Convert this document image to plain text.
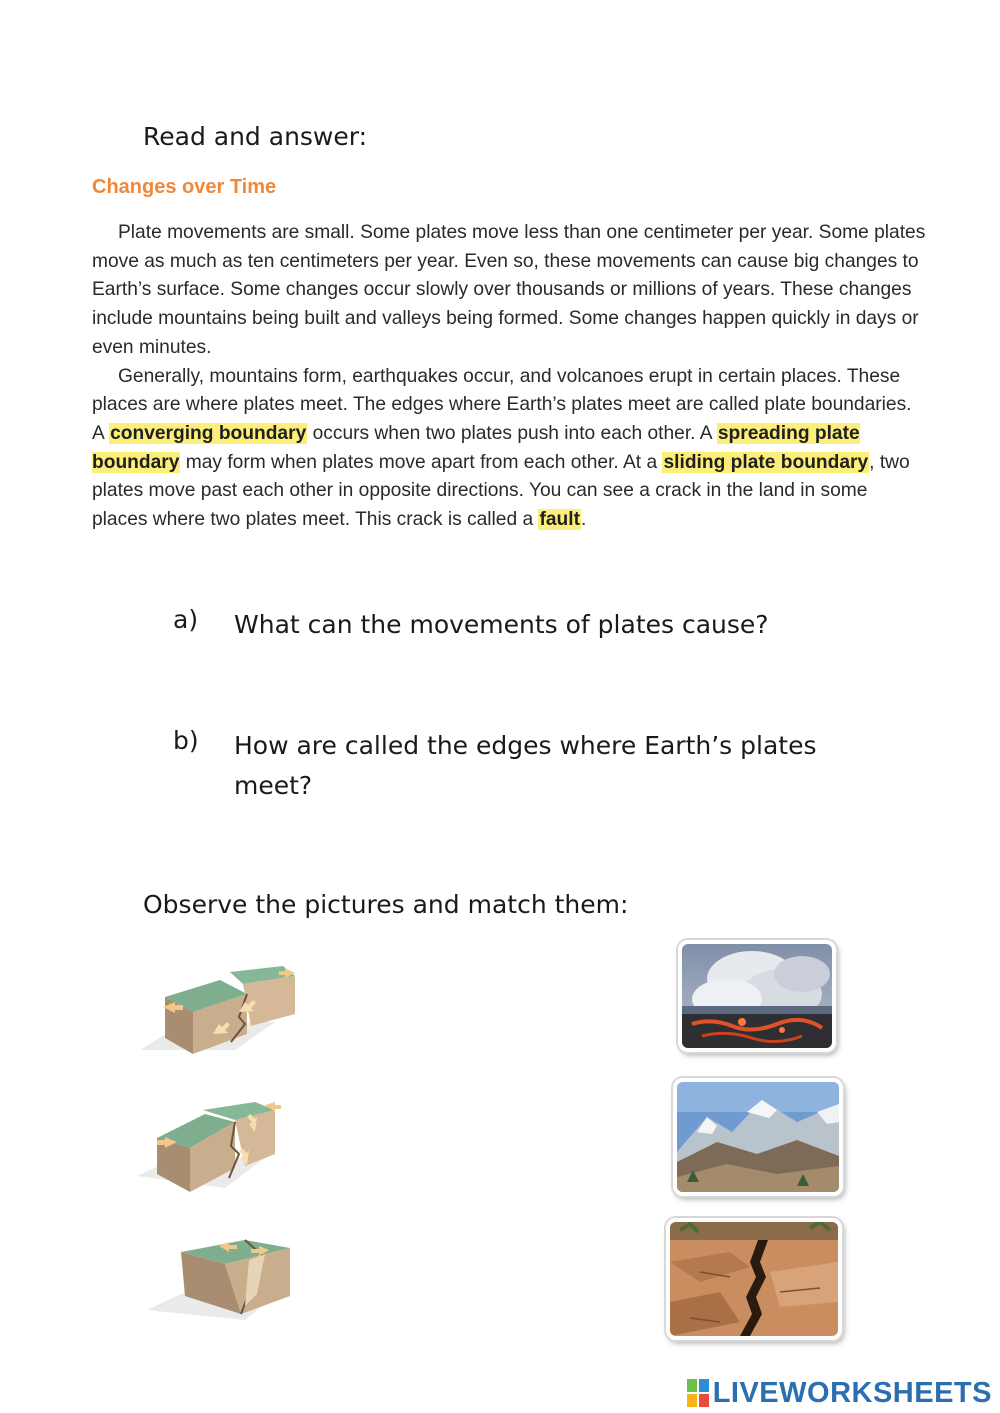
Read and answer:
Changes over Time

Plate movements are small. Some plates move less than one centimeter per year. Some plates move as much as ten centimeters per year. Even so, these movements can cause big changes to Earth’s surface. Some changes occur slowly over thousands or millions of years. These changes include mountains being built and valleys being formed. Some changes happen quickly in days or even minutes.

Generally, mountains form, earthquakes occur, and volcanoes erupt in certain places. These places are where plates meet. The edges where Earth’s plates meet are called plate boundaries. A converging boundary occurs when two plates push into each other. A spreading plate boundary may form when plates move apart from each other. At a sliding plate boundary, two plates move past each other in opposite directions. You can see a crack in the land in some places where two plates meet. This crack is called a fault.

a) What can the movements of plates cause?
b) How are called the edges where Earth’s plates meet?
Observe the pictures and match them:
LIVEWORKSHEETS
